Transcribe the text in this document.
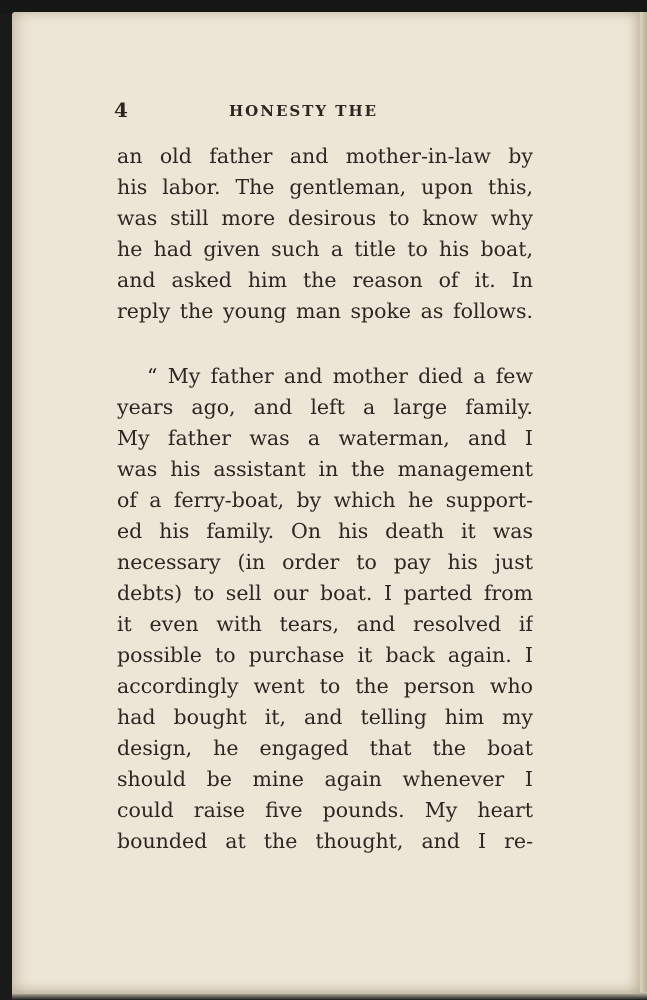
4	HONESTY THE
an old father and mother-in-law by
his labor. The gentleman, upon this,
was still more desirous to know why
he had given such a title to his boat,
and asked him the reason of it. In
reply the young man spoke as follows.
“ My father and mother died a few
years ago, and left a large family.
My father was a waterman, and I
was his assistant in the management
of a ferry-boat, by which he support-
ed his family. On his death it was
necessary (in order to pay his just
debts) to sell our boat. I parted from
it even with tears, and resolved if
possible to purchase it back again. I
accordingly went to the person who
had bought it, and telling him my
design, he engaged that the boat
should be mine again whenever I
could raise five pounds. My heart
bounded at the thought, and I re-
